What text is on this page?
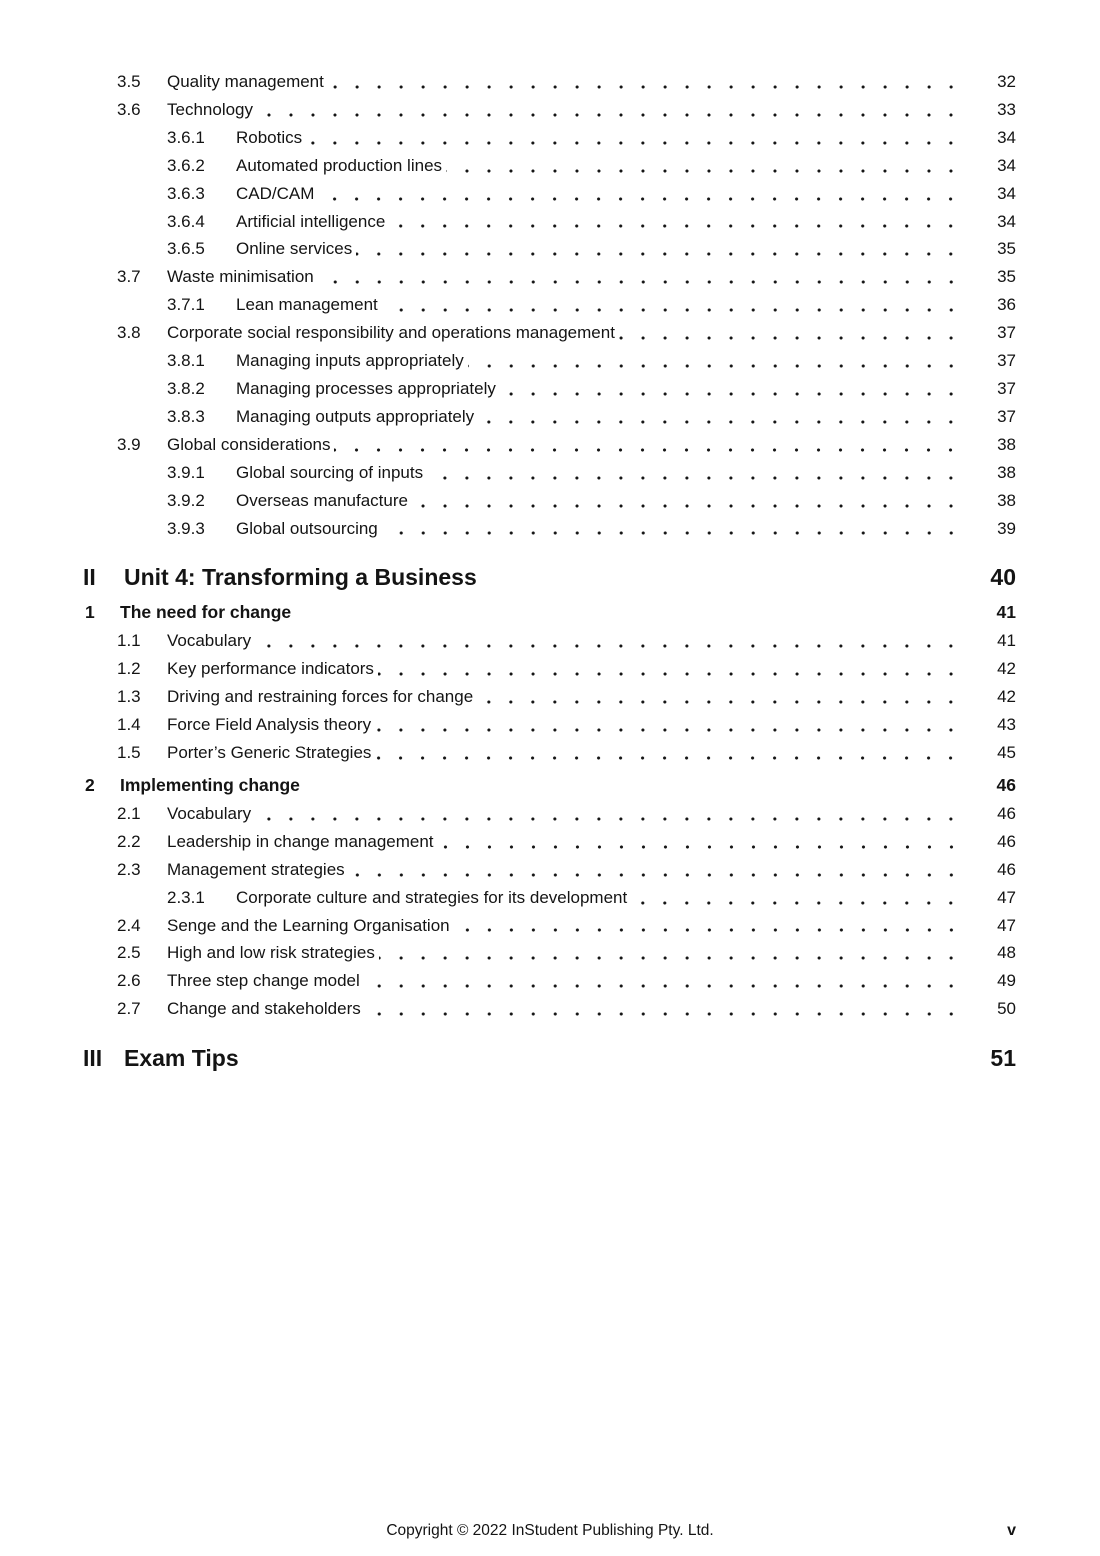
3.5	Quality management	32
3.6	Technology	33
3.6.1	Robotics	34
3.6.2	Automated production lines	34
3.6.3	CAD/CAM	34
3.6.4	Artificial intelligence	34
3.6.5	Online services	35
3.7	Waste minimisation	35
3.7.1	Lean management	36
3.8	Corporate social responsibility and operations management	37
3.8.1	Managing inputs appropriately	37
3.8.2	Managing processes appropriately	37
3.8.3	Managing outputs appropriately	37
3.9	Global considerations	38
3.9.1	Global sourcing of inputs	38
3.9.2	Overseas manufacture	38
3.9.3	Global outsourcing	39
II	Unit 4: Transforming a Business	40
1	The need for change	41
1.1	Vocabulary	41
1.2	Key performance indicators	42
1.3	Driving and restraining forces for change	42
1.4	Force Field Analysis theory	43
1.5	Porter’s Generic Strategies	45
2	Implementing change	46
2.1	Vocabulary	46
2.2	Leadership in change management	46
2.3	Management strategies	46
2.3.1	Corporate culture and strategies for its development	47
2.4	Senge and the Learning Organisation	47
2.5	High and low risk strategies	48
2.6	Three step change model	49
2.7	Change and stakeholders	50
III Exam Tips	51
Copyright © 2022 InStudent Publishing Pty. Ltd.	v
